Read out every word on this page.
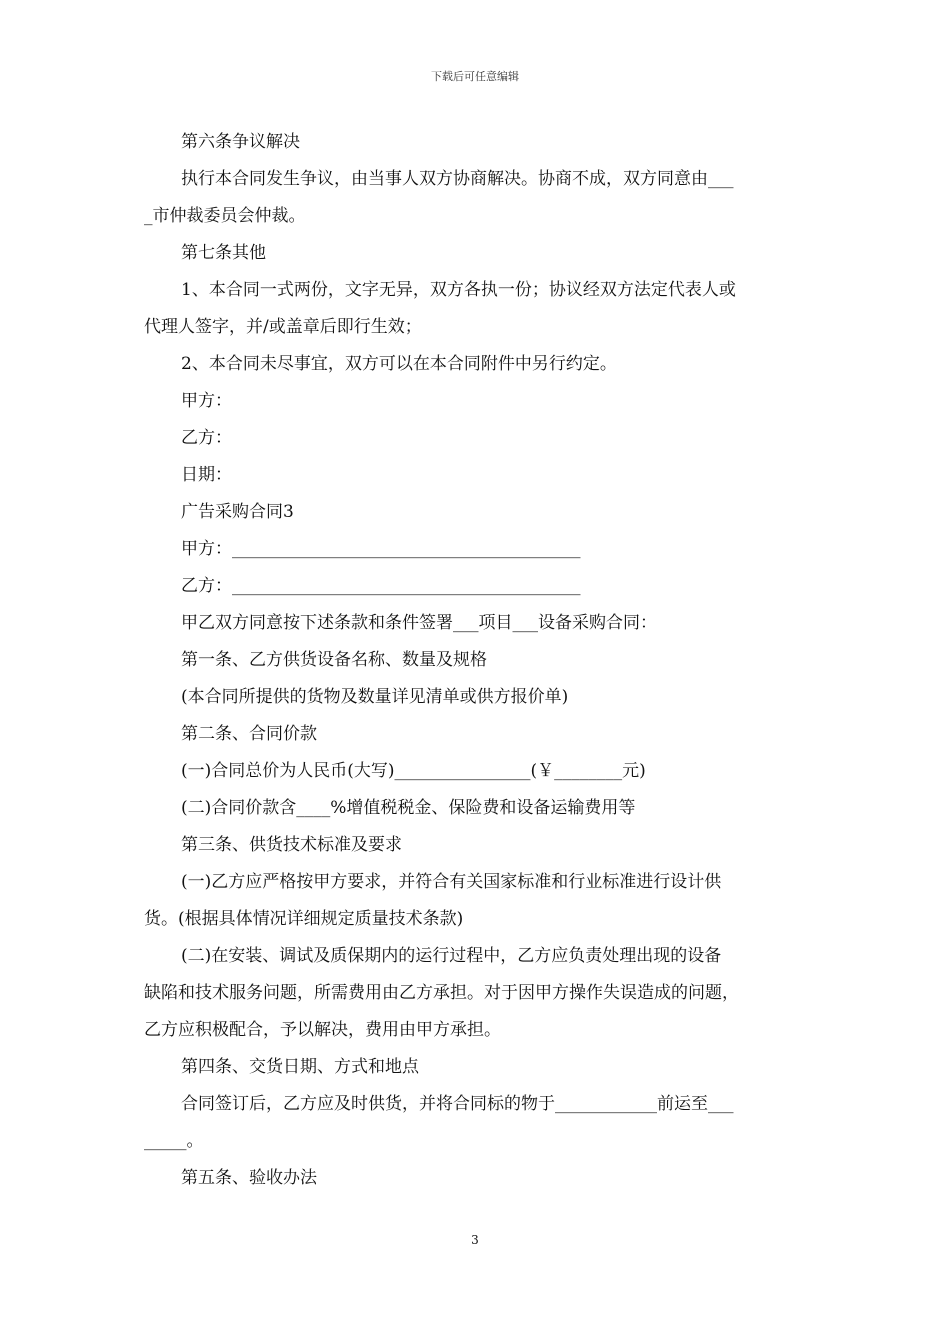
下载后可任意编辑
第六条争议解决
执行本合同发生争议，由当事人双方协商解决。协商不成，双方同意由___
_市仲裁委员会仲裁。
第七条其他
1、本合同一式两份，文字无异，双方各执一份；协议经双方法定代表人或
代理人签字，并/或盖章后即行生效；
2、本合同未尽事宜，双方可以在本合同附件中另行约定。
甲方：
乙方：
日期：
广告采购合同3
甲方：_________________________________________
乙方：_________________________________________
甲乙双方同意按下述条款和条件签署___项目___设备采购合同：
第一条、乙方供货设备名称、数量及规格
(本合同所提供的货物及数量详见清单或供方报价单)
第二条、合同价款
(一)合同总价为人民币(大写)________________(￥________元)
(二)合同价款含____%增值税税金、保险费和设备运输费用等
第三条、供货技术标准及要求
(一)乙方应严格按甲方要求，并符合有关国家标准和行业标准进行设计供
货。(根据具体情况详细规定质量技术条款)
(二)在安装、调试及质保期内的运行过程中，乙方应负责处理出现的设备
缺陷和技术服务问题，所需费用由乙方承担。对于因甲方操作失误造成的问题，
乙方应积极配合，予以解决，费用由甲方承担。
第四条、交货日期、方式和地点
合同签订后，乙方应及时供货，并将合同标的物于____________前运至___
_____。
第五条、验收办法
3
